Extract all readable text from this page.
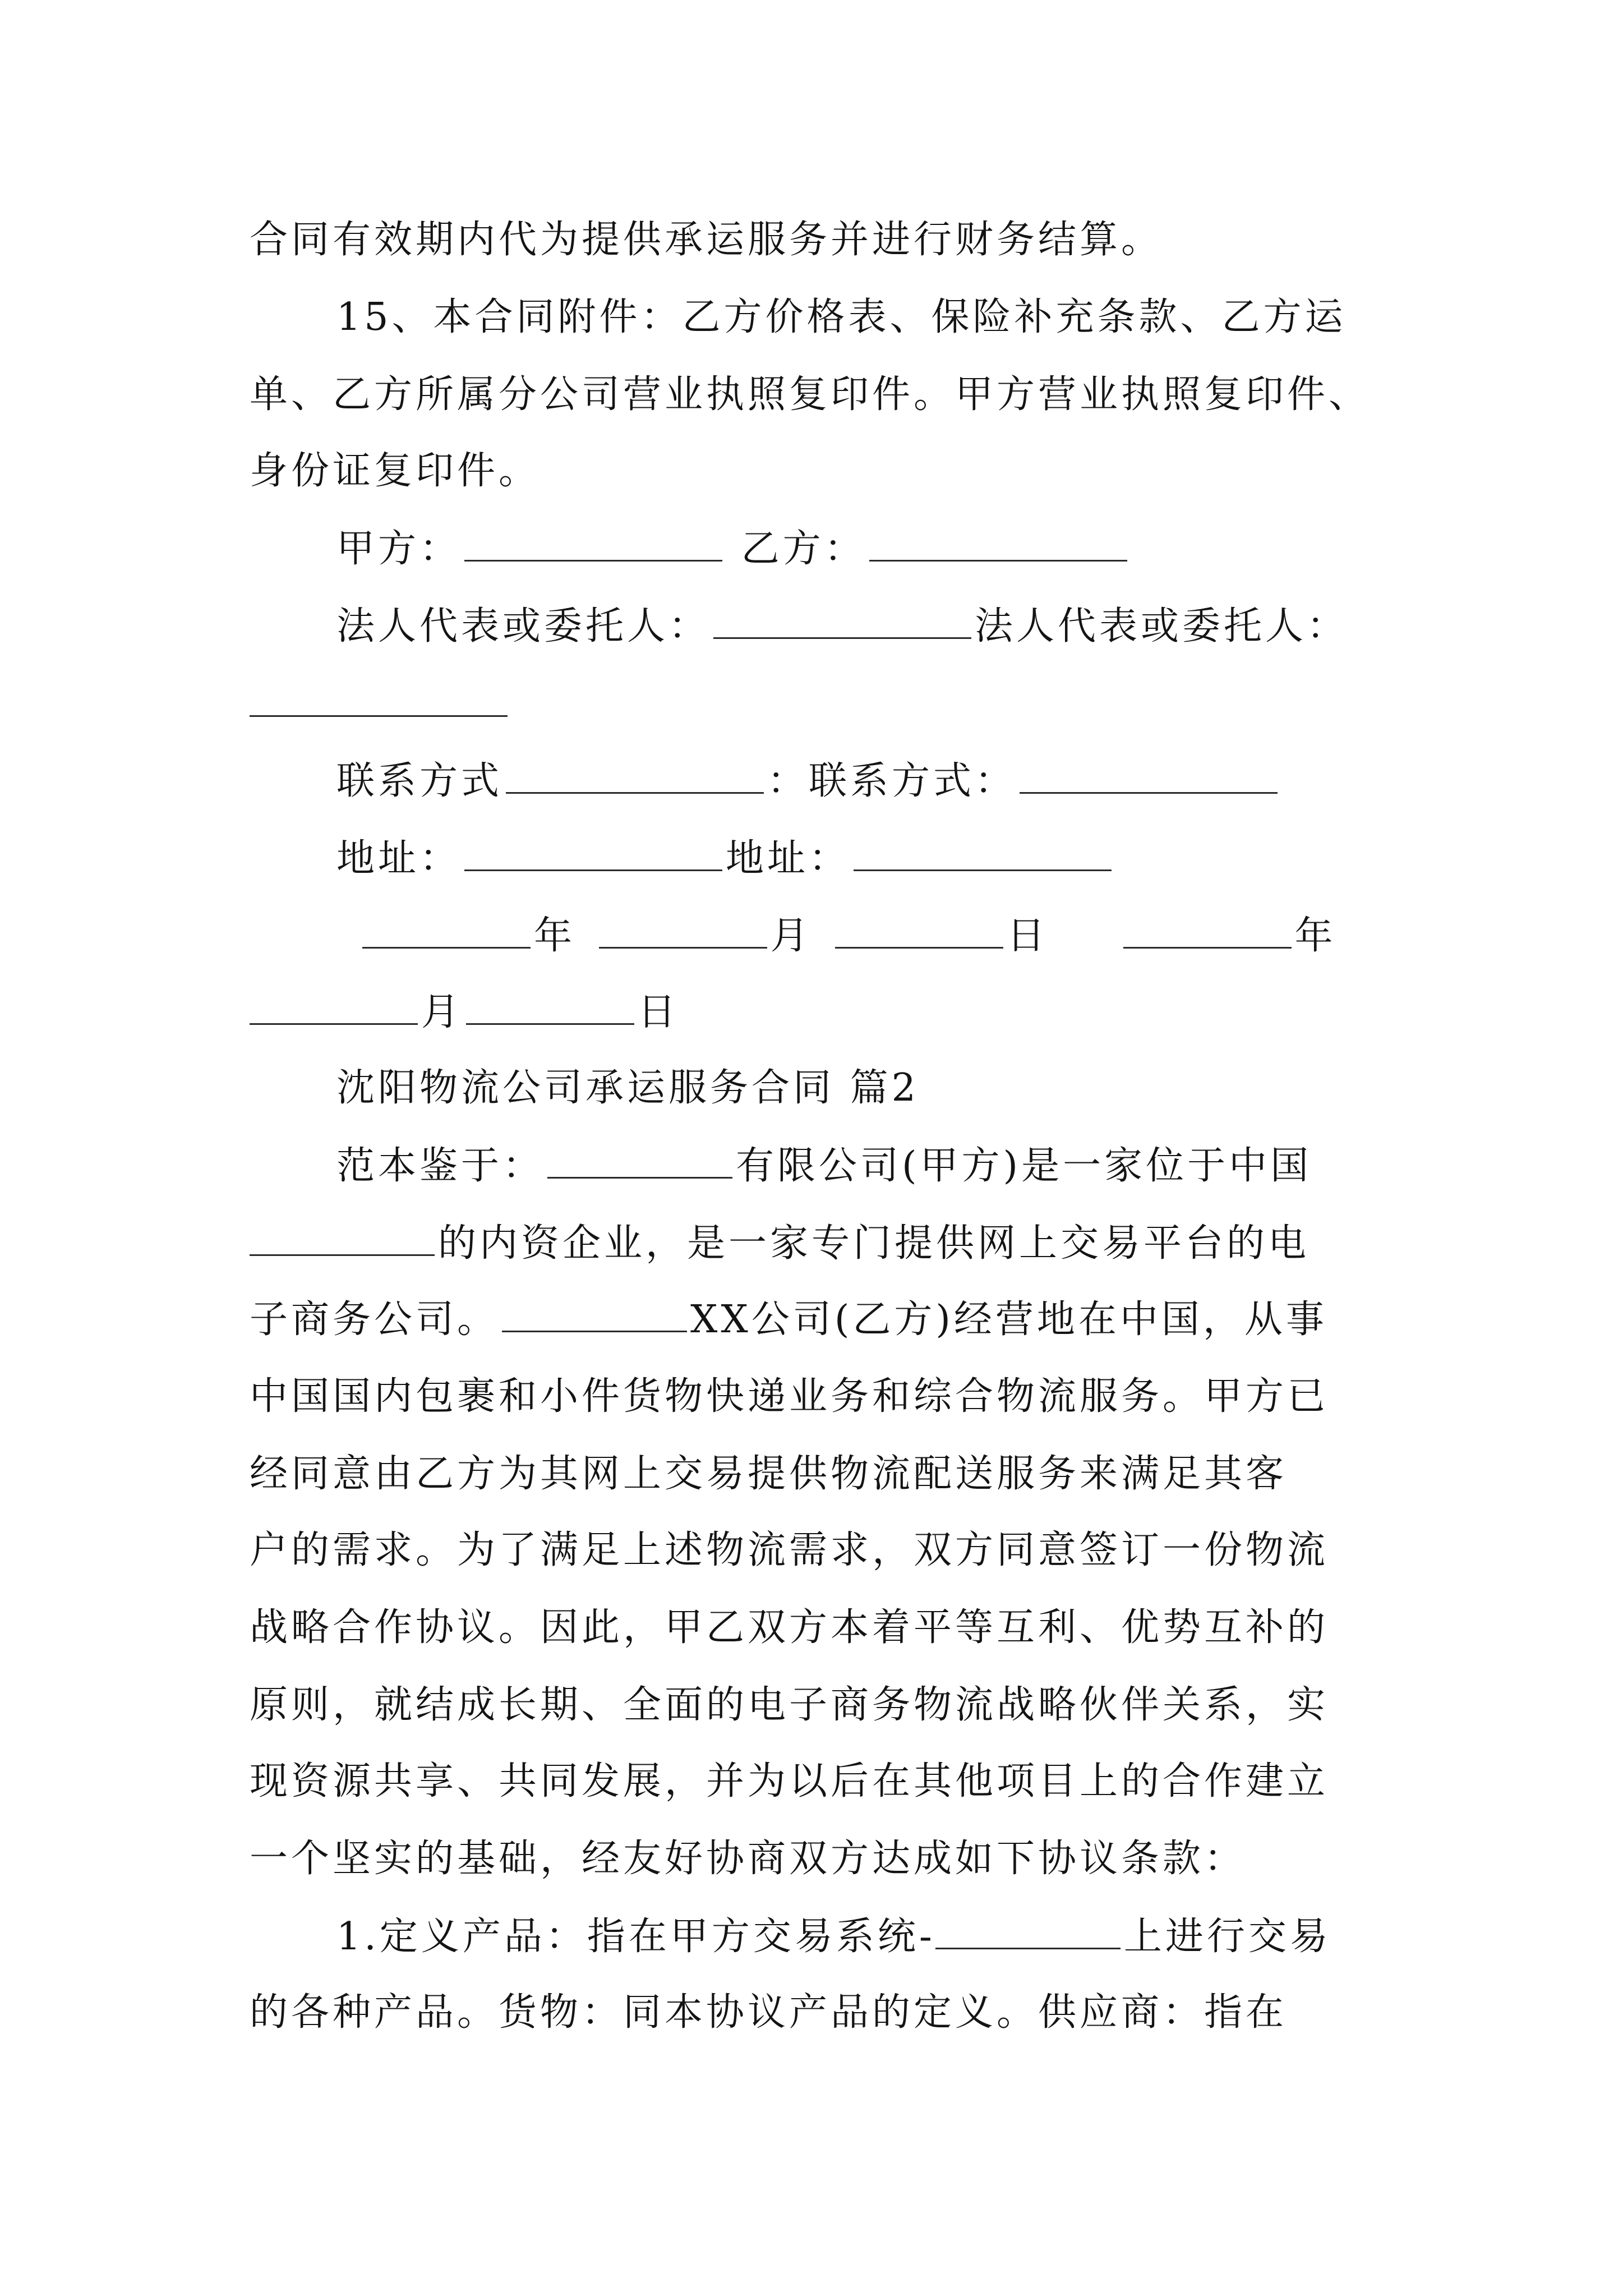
合同有效期内代为提供承运服务并进行财务结算。
15、本合同附件：乙方价格表、保险补充条款、乙方运
单、乙方所属分公司营业执照复印件。甲方营业执照复印件、
身份证复印件。
甲方：	乙方：
法人代表或委托人：	法人代表或委托人：
联系方式	：联系方式：
地址：	地址：
年	月	日	年
月	日
沈阳物流公司承运服务合同 篇2
范本鉴于：	有限公司(甲方)是一家位于中国
的内资企业，是一家专门提供网上交易平台的电
子商务公司。	XX公司(乙方)经营地在中国，从事
中国国内包裹和小件货物快递业务和综合物流服务。甲方已
经同意由乙方为其网上交易提供物流配送服务来满足其客
户的需求。为了满足上述物流需求，双方同意签订一份物流
战略合作协议。因此，甲乙双方本着平等互利、优势互补的
原则，就结成长期、全面的电子商务物流战略伙伴关系，实
现资源共享、共同发展，并为以后在其他项目上的合作建立
一个坚实的基础，经友好协商双方达成如下协议条款：
1.定义产品：指在甲方交易系统-	上进行交易
的各种产品。货物：同本协议产品的定义。供应商：指在
